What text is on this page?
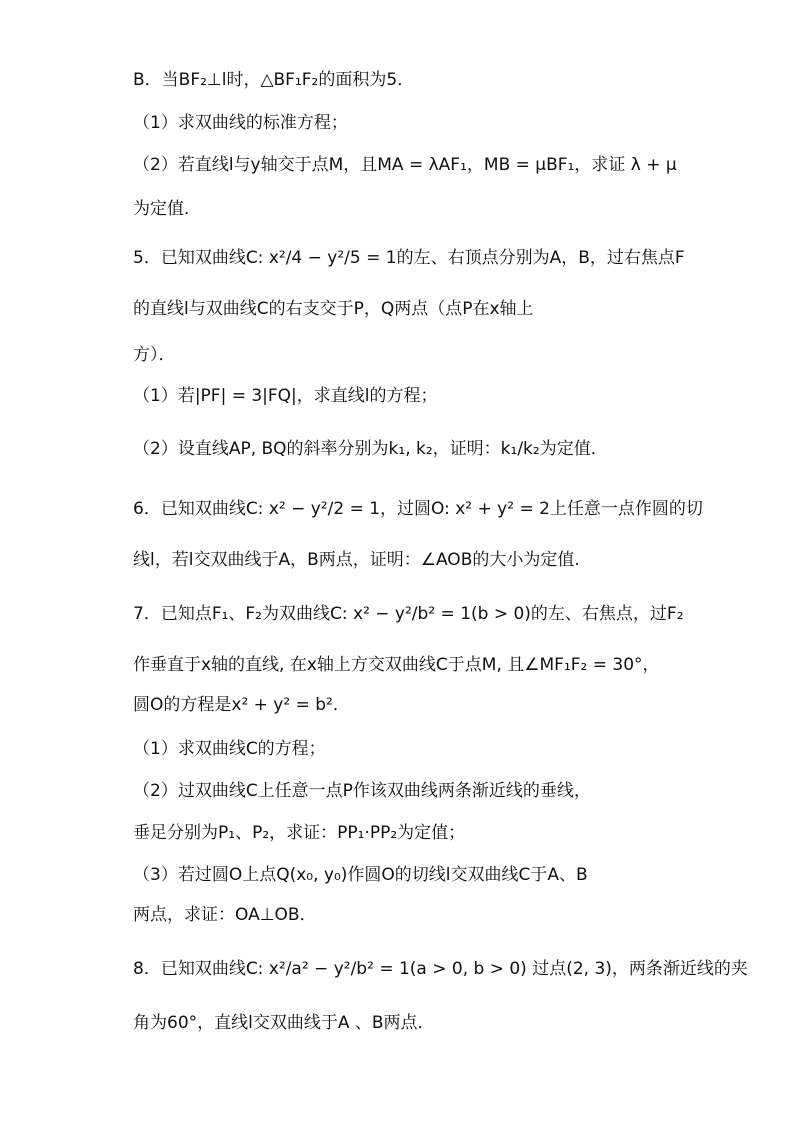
B．当BF₂⊥l时，△BF₁F₂的面积为5．
（1）求双曲线的标准方程；
（2）若直线l与y轴交于点M，且MA = λAF₁，MB = μBF₁，求证 λ + μ
为定值．
5．已知双曲线C: x²/4 − y²/5 = 1的左、右顶点分别为A，B，过右焦点F
的直线l与双曲线C的右支交于P，Q两点（点P在x轴上
方）．
（1）若|PF| = 3|FQ|，求直线l的方程；
（2）设直线AP, BQ的斜率分别为k₁, k₂，证明：k₁/k₂为定值．
6．已知双曲线C: x² − y²/2 = 1，过圆O: x² + y² = 2上任意一点作圆的切
线l，若l交双曲线于A，B两点，证明：∠AOB的大小为定值.
7．已知点F₁、F₂为双曲线C: x² − y²/b² = 1(b > 0)的左、右焦点，过F₂
作垂直于x轴的直线, 在x轴上方交双曲线C于点M, 且∠MF₁F₂ = 30°，
圆O的方程是x² + y² = b²．
（1）求双曲线C的方程；
（2）过双曲线C上任意一点P作该双曲线两条渐近线的垂线，
垂足分别为P₁、P₂，求证：PP₁·PP₂为定值；
（3）若过圆O上点Q(x₀, y₀)作圆O的切线l交双曲线C于A、B
两点，求证：OA⊥OB．
8．已知双曲线C: x²/a² − y²/b² = 1(a > 0, b > 0) 过点(2, 3)，两条渐近线的夹
角为60°，直线l交双曲线于A 、B两点．
